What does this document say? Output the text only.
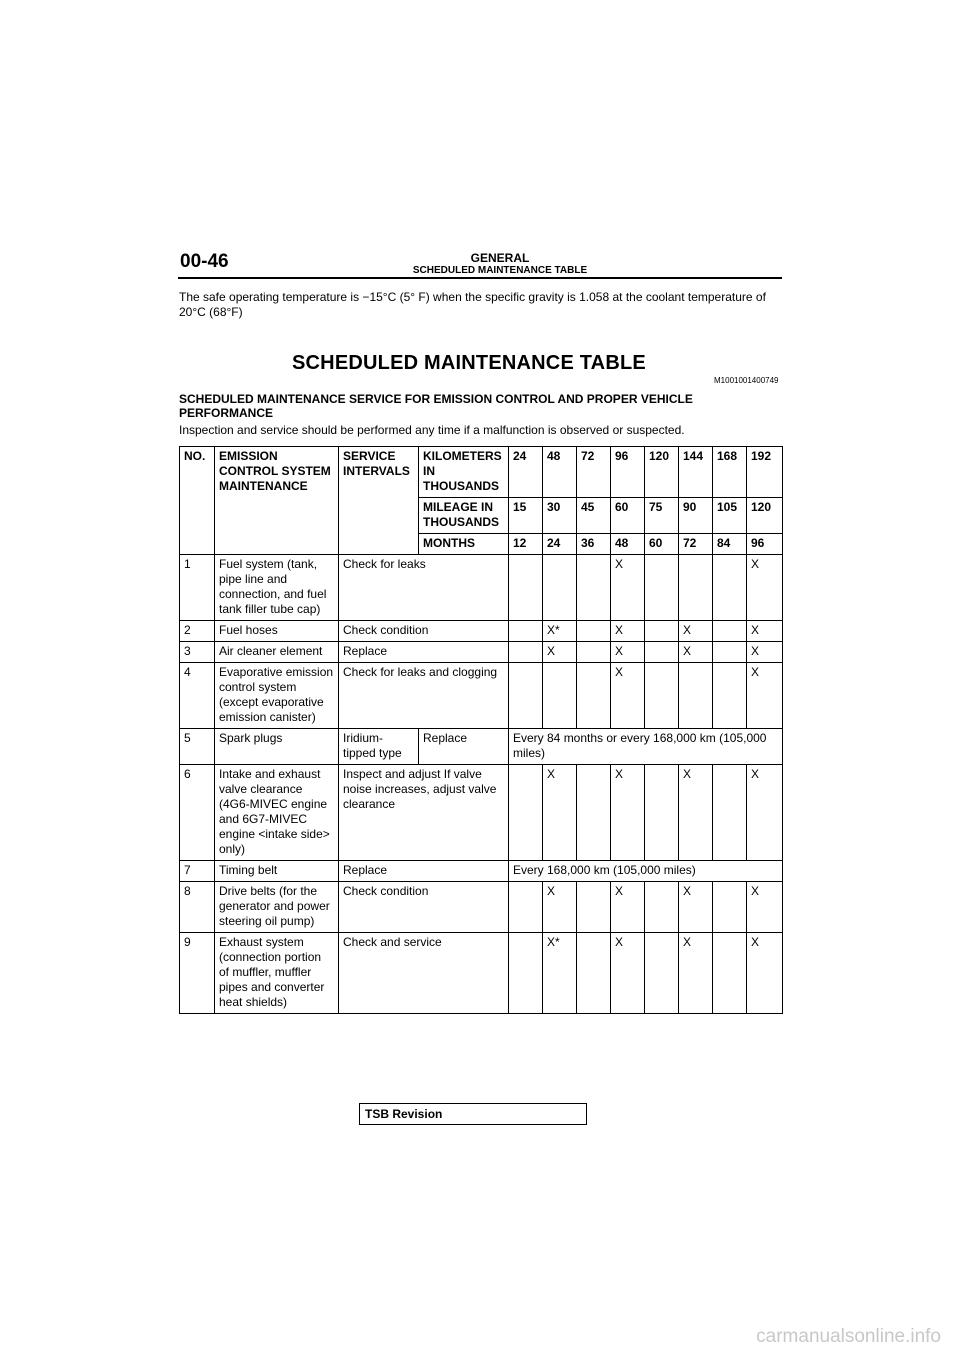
00-46	GENERAL
SCHEDULED MAINTENANCE TABLE
The safe operating temperature is −15°C (5° F) when the specific gravity is 1.058 at the coolant temperature of 20°C (68°F)
SCHEDULED MAINTENANCE TABLE
M1001001400749
SCHEDULED MAINTENANCE SERVICE FOR EMISSION CONTROL AND PROPER VEHICLE PERFORMANCE
Inspection and service should be performed any time if a malfunction is observed or suspected.
NO.	EMISSION CONTROL SYSTEM MAINTENANCE	SERVICE INTERVALS	KILOMETERS IN THOUSANDS	24	48	72	96	120	144	168	192
			MILEAGE IN THOUSANDS	15	30	45	60	75	90	105	120
			MONTHS	12	24	36	48	60	72	84	96
1	Fuel system (tank, pipe line and connection, and fuel tank filler tube cap)	Check for leaks					X				X
2	Fuel hoses	Check condition			X*		X		X		X
3	Air cleaner element	Replace			X		X		X		X
4	Evaporative emission control system (except evaporative emission canister)	Check for leaks and clogging					X				X
5	Spark plugs	Iridium-tipped type	Replace	Every 84 months or every 168,000 km (105,000 miles)							
6	Intake and exhaust valve clearance (4G6-MIVEC engine and 6G7-MIVEC engine <intake side> only)	Inspect and adjust If valve noise increases, adjust valve clearance			X		X		X		X
7	Timing belt	Replace		Every 168,000 km (105,000 miles)							
8	Drive belts (for the generator and power steering oil pump)	Check condition			X		X		X		X
9	Exhaust system (connection portion of muffler, muffler pipes and converter heat shields)	Check and service			X*		X		X		X
TSB Revision
carmanualsonline.info
